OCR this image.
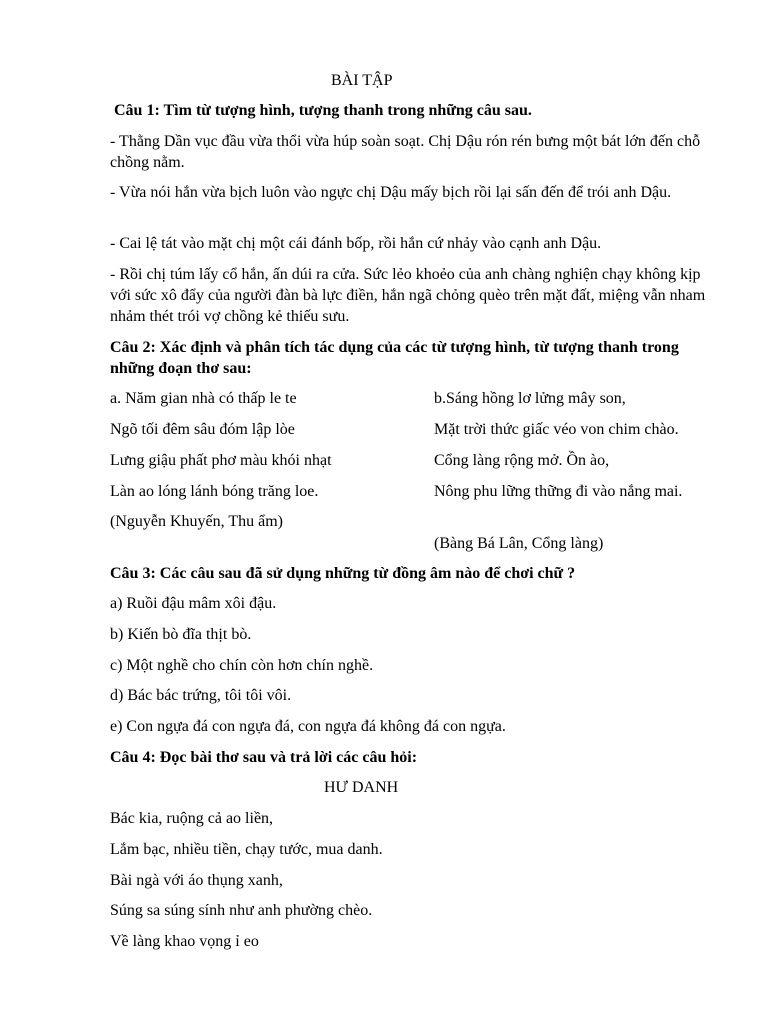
BÀI TẬP
Câu 1: Tìm từ tượng hình, tượng thanh trong những câu sau.
- Thằng Dần vục đầu vừa thổi vừa húp soàn soạt. Chị Dậu rón rén bưng một bát lớn đến chỗ chồng nằm.
- Vừa nói hắn vừa bịch luôn vào ngực chị Dậu mấy bịch rồi lại sấn đến để trói anh Dậu.
- Cai lệ tát vào mặt chị một cái đánh bốp, rồi hắn cứ nhảy vào cạnh anh Dậu.
- Rồi chị túm lấy cổ hắn, ấn dúi ra cửa. Sức lẻo khoẻo của anh chàng nghiện chạy không kịp với sức xô đẩy của người đàn bà lực điền, hắn ngã chỏng quèo trên mặt đất, miệng vẫn nham nhảm thét trói vợ chồng kẻ thiếu sưu.
Câu 2: Xác định và phân tích tác dụng của các từ tượng hình, từ tượng thanh trong những đoạn thơ sau:
a. Năm gian nhà có thấp le te
Ngõ tối đêm sâu đóm lập lòe
Lưng giậu phất phơ màu khói nhạt
Làn ao lóng lánh bóng trăng loe.
(Nguyễn Khuyến, Thu ẩm)
b.Sáng hồng lơ lửng mây son,
Mặt trời thức giấc véo von chim chào.
Cổng làng rộng mở. Ồn ào,
Nông phu lững thững đi vào nắng mai.
(Bàng Bá Lân, Cổng làng)
Câu 3: Các câu sau đã sử dụng những từ đồng âm nào để chơi chữ ?
a) Ruồi đậu mâm xôi đậu.
b) Kiến bò đĩa thịt bò.
c) Một nghề cho chín còn hơn chín nghề.
d) Bác bác trứng, tôi tôi vôi.
e) Con ngựa đá con ngựa đá, con ngựa đá không đá con ngựa.
Câu 4: Đọc bài thơ sau và trả lời các câu hỏi:
HƯ DANH
Bác kia, ruộng cả ao liền,
Lắm bạc, nhiều tiền, chạy tước, mua danh.
Bài ngà với áo thụng xanh,
Súng sa súng sính như anh phường chèo.
Về làng khao vọng ỉ eo
